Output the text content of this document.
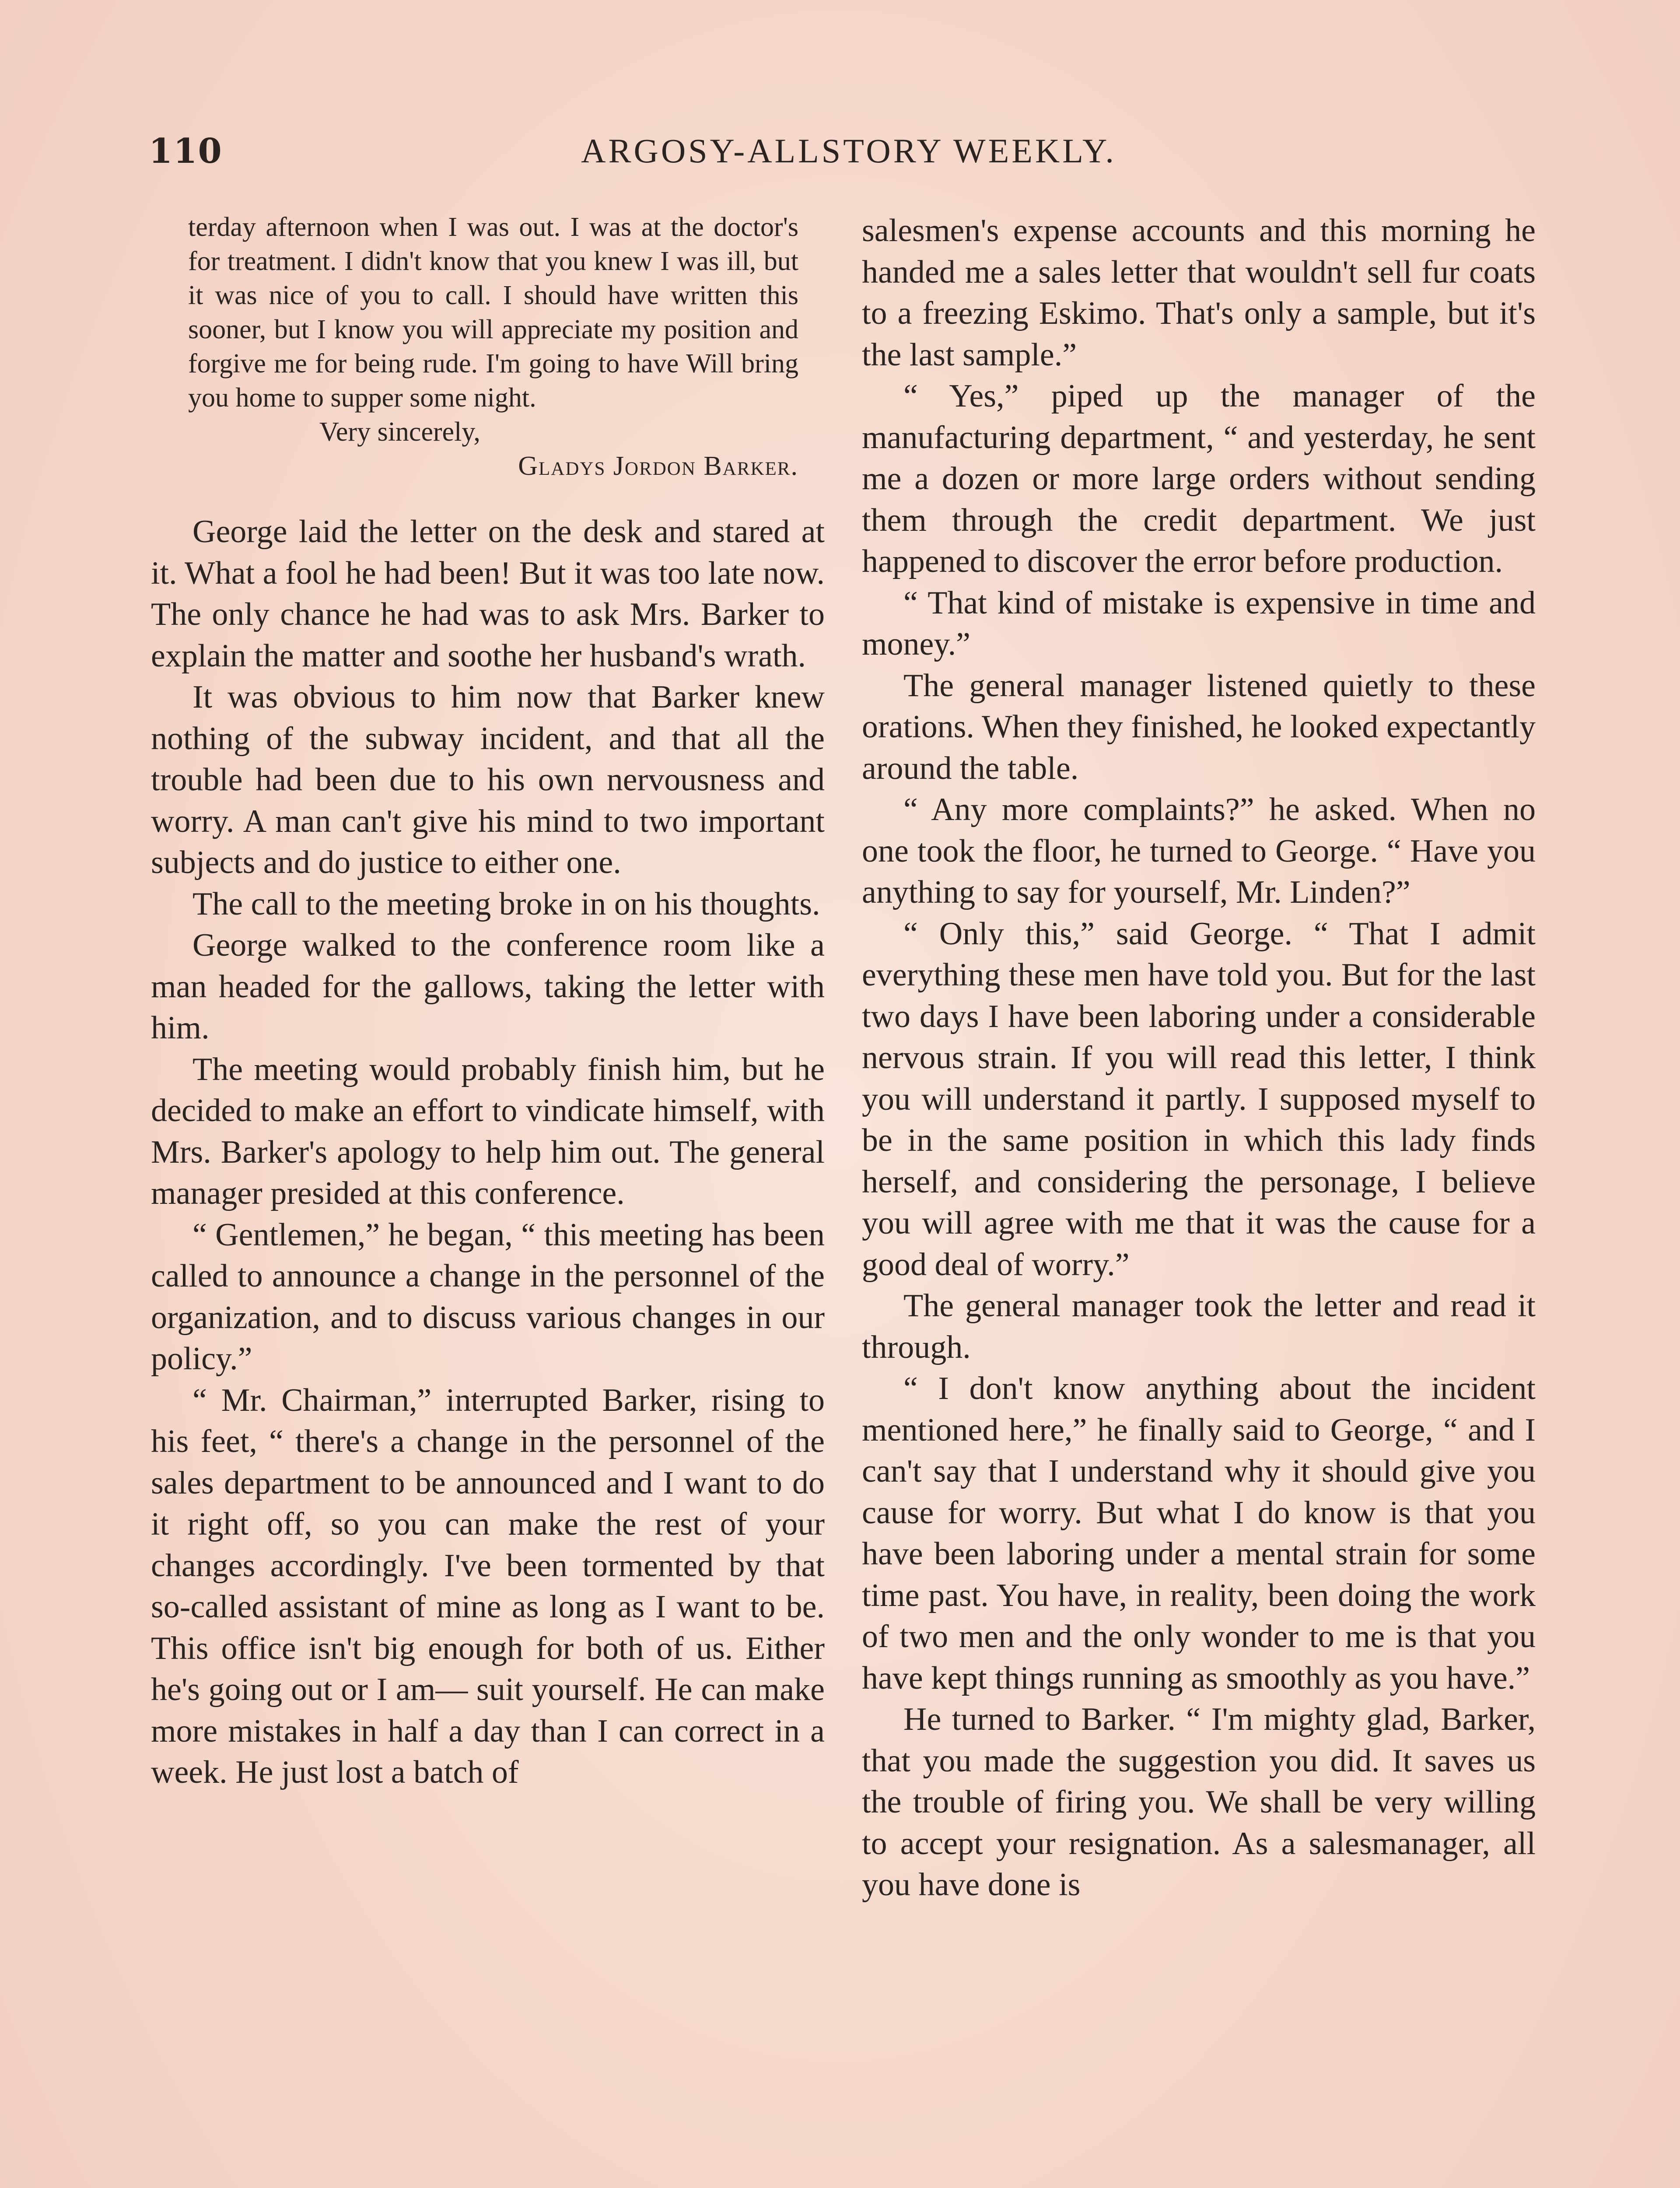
ARGOSY-ALLSTORY WEEKLY.
110

terday afternoon when I was out. I was at the doctor's for treatment. I didn't know that you knew I was ill, but it was nice of you to call. I should have written this sooner, but I know you will appreciate my position and forgive me for being rude. I'm going to have Will bring you home to supper some night.

Very sincerely,
Gladys Jordon Barker.

George laid the letter on the desk and stared at it. What a fool he had been! But it was too late now. The only chance he had was to ask Mrs. Barker to explain the matter and soothe her husband's wrath.

It was obvious to him now that Barker knew nothing of the subway incident, and that all the trouble had been due to his own nervousness and worry. A man can't give his mind to two important subjects and do justice to either one.

The call to the meeting broke in on his thoughts.

George walked to the conference room like a man headed for the gallows, taking the letter with him.

The meeting would probably finish him, but he decided to make an effort to vindicate himself, with Mrs. Barker's apology to help him out. The general manager presided at this conference.

“ Gentlemen,” he began, “ this meeting has been called to announce a change in the personnel of the organization, and to discuss various changes in our policy.”

“ Mr. Chairman,” interrupted Barker, rising to his feet, “ there's a change in the personnel of the sales department to be announced and I want to do it right off, so you can make the rest of your changes accordingly. I've been tormented by that so-called assistant of mine as long as I want to be. This office isn't big enough for both of us. Either he's going out or I am— suit yourself. He can make more mistakes in half a day than I can correct in a week. He just lost a batch of

salesmen's expense accounts and this morning he handed me a sales letter that wouldn't sell fur coats to a freezing Eskimo. That's only a sample, but it's the last sample.”

“ Yes,” piped up the manager of the manufacturing department, “ and yesterday, he sent me a dozen or more large orders without sending them through the credit department. We just happened to discover the error before production.

“ That kind of mistake is expensive in time and money.”

The general manager listened quietly to these orations. When they finished, he looked expectantly around the table.

“ Any more complaints?” he asked. When no one took the floor, he turned to George. “ Have you anything to say for yourself, Mr. Linden?”

“ Only this,” said George. “ That I admit everything these men have told you. But for the last two days I have been laboring under a considerable nervous strain. If you will read this letter, I think you will understand it partly. I supposed myself to be in the same position in which this lady finds herself, and considering the personage, I believe you will agree with me that it was the cause for a good deal of worry.”

The general manager took the letter and read it through.

“ I don't know anything about the incident mentioned here,” he finally said to George, “ and I can't say that I understand why it should give you cause for worry. But what I do know is that you have been laboring under a mental strain for some time past. You have, in reality, been doing the work of two men and the only wonder to me is that you have kept things running as smoothly as you have.”

He turned to Barker. “ I'm mighty glad, Barker, that you made the suggestion you did. It saves us the trouble of firing you. We shall be very willing to accept your resignation. As a salesmanager, all you have done is
